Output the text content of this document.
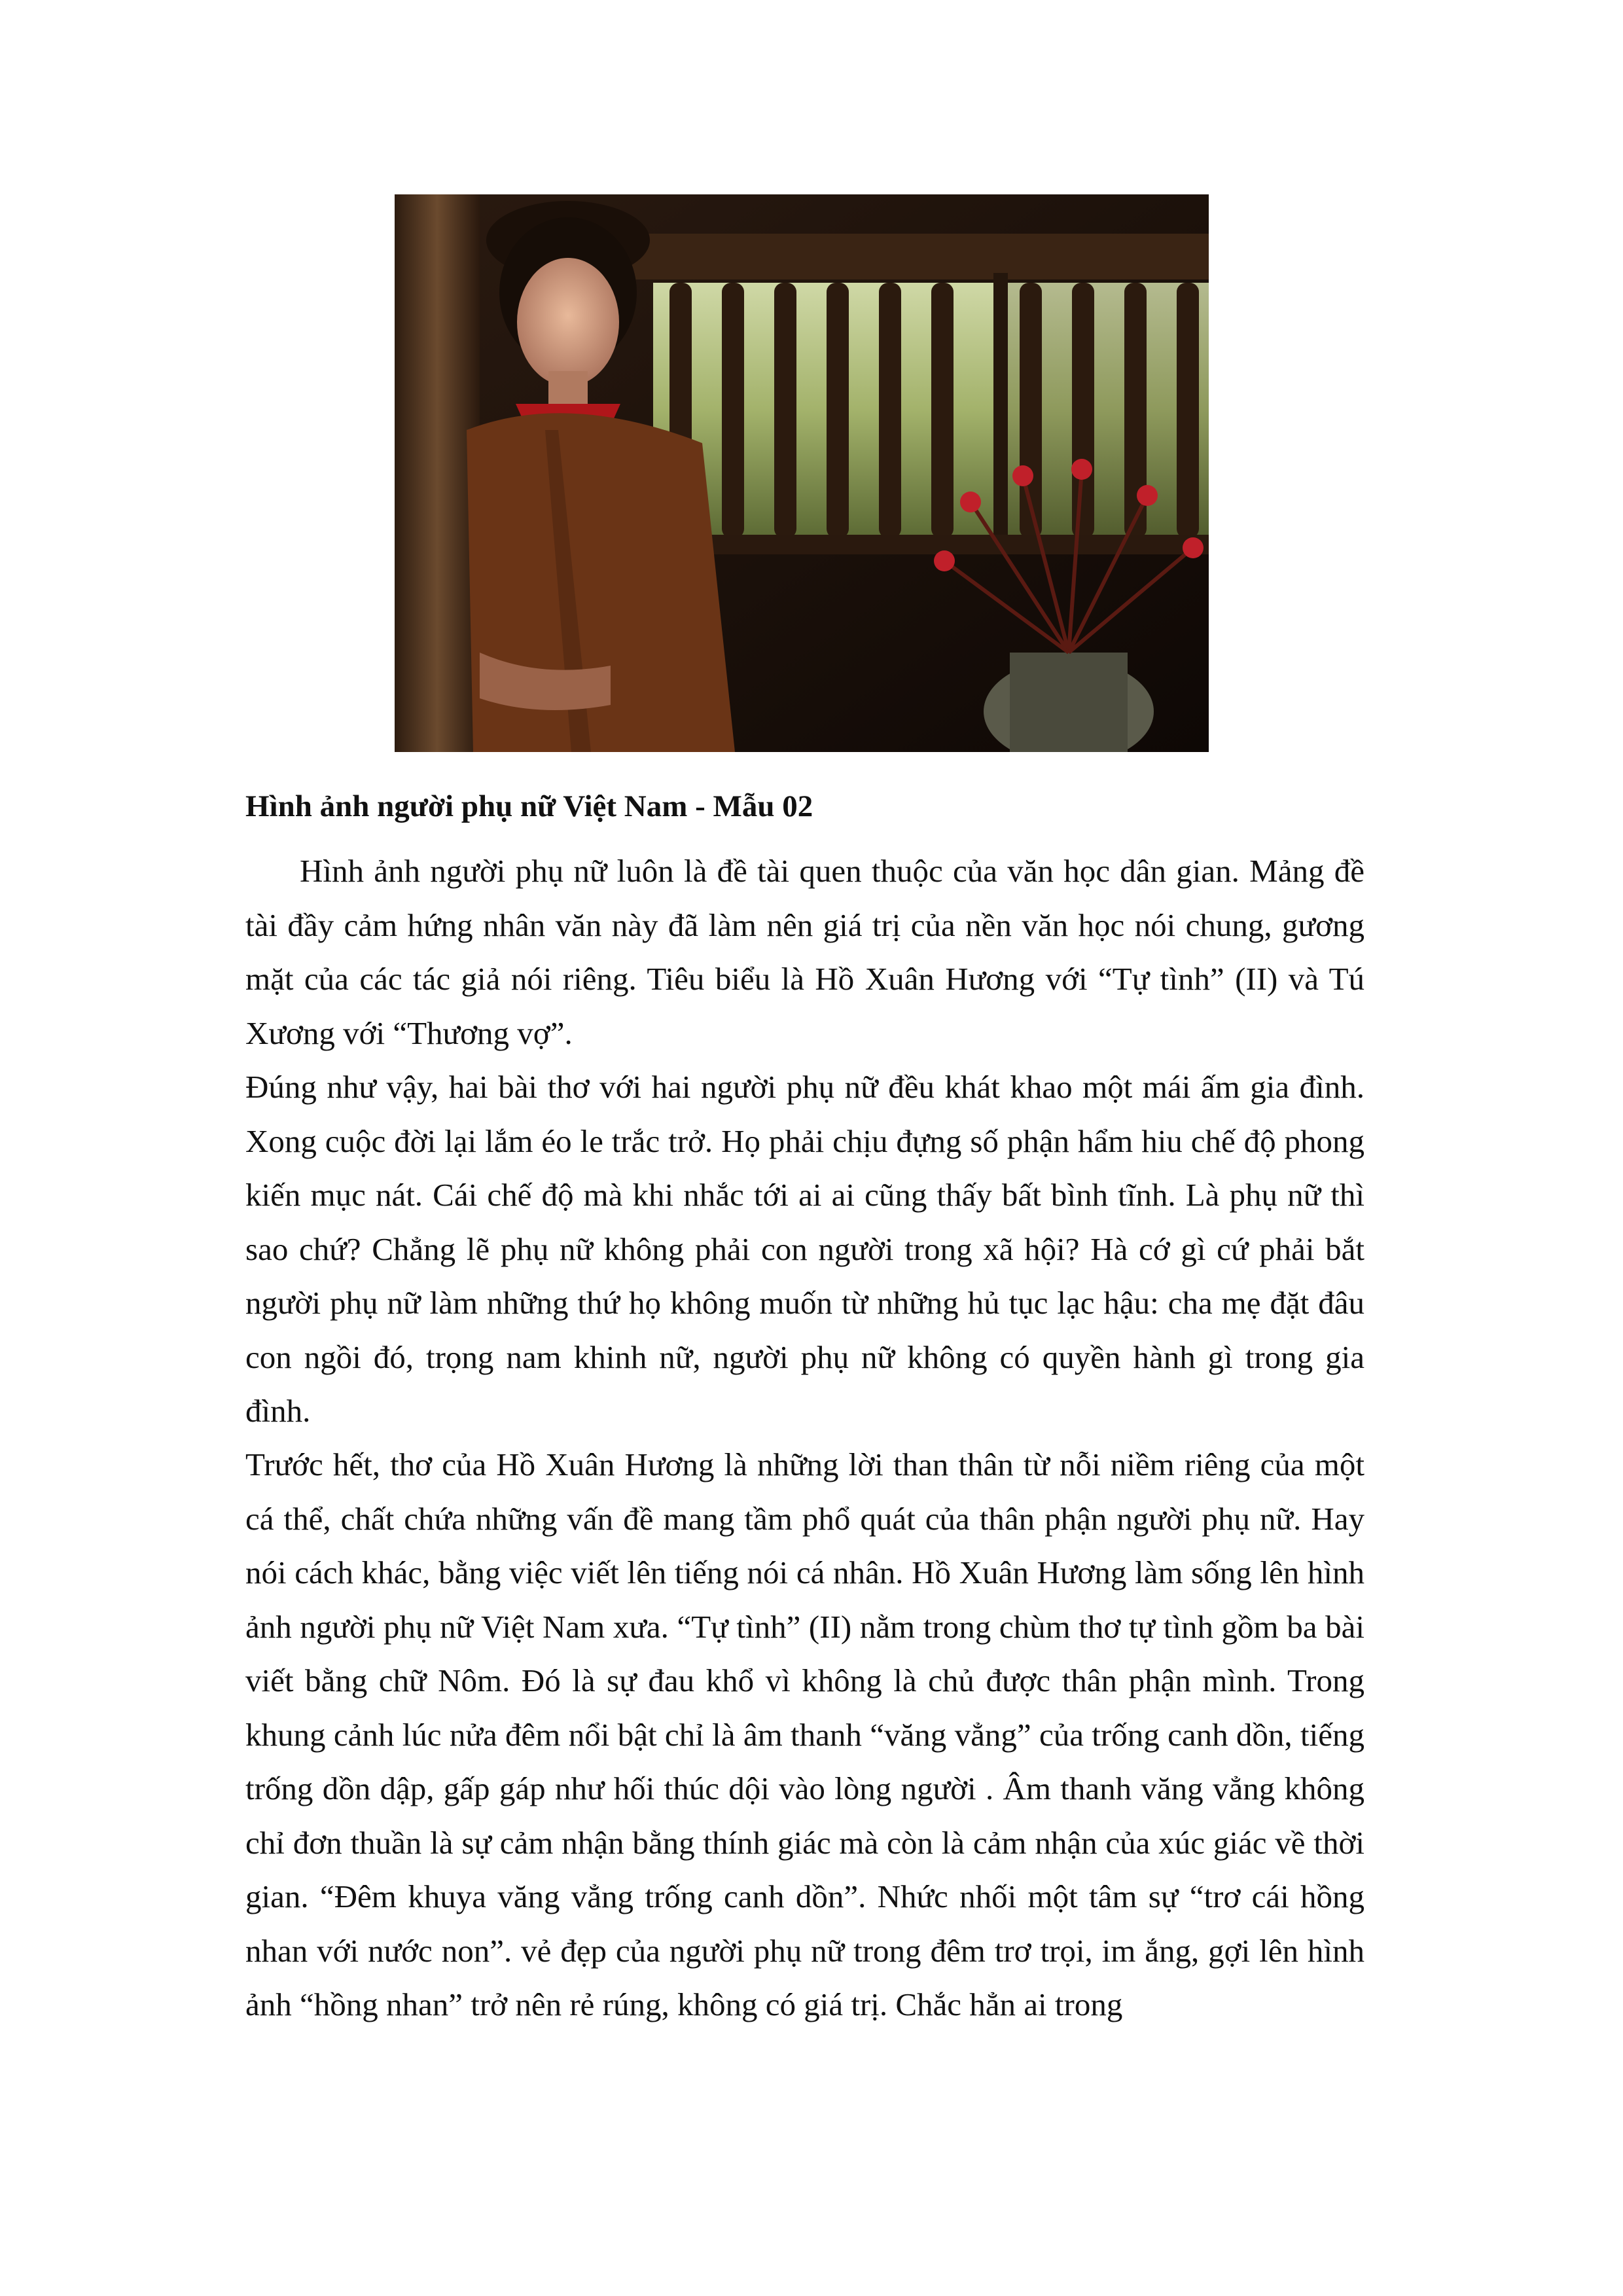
Hình ảnh người phụ nữ Việt Nam - Mẫu 02

Hình ảnh người phụ nữ luôn là đề tài quen thuộc của văn học dân gian. Mảng đề tài đầy cảm hứng nhân văn này đã làm nên giá trị của nền văn học nói chung, gương mặt của các tác giả nói riêng. Tiêu biểu là Hồ Xuân Hương với “Tự tình” (II) và Tú Xương với “Thương vợ”.

Đúng như vậy, hai bài thơ với hai người phụ nữ đều khát khao một mái ấm gia đình. Xong cuộc đời lại lắm éo le trắc trở. Họ phải chịu đựng số phận hẩm hiu chế độ phong kiến mục nát. Cái chế độ mà khi nhắc tới ai ai cũng thấy bất bình tĩnh. Là phụ nữ thì sao chứ? Chẳng lẽ phụ nữ không phải con người trong xã hội? Hà cớ gì cứ phải bắt người phụ nữ làm những thứ họ không muốn từ những hủ tục lạc hậu: cha mẹ đặt đâu con ngồi đó, trọng nam khinh nữ, người phụ nữ không có quyền hành gì trong gia đình.

Trước hết, thơ của Hồ Xuân Hương là những lời than thân từ nỗi niềm riêng của một cá thể, chất chứa những vấn đề mang tầm phổ quát của thân phận người phụ nữ. Hay nói cách khác, bằng việc viết lên tiếng nói cá nhân. Hồ Xuân Hương làm sống lên hình ảnh người phụ nữ Việt Nam xưa. “Tự tình” (II) nằm trong chùm thơ tự tình gồm ba bài viết bằng chữ Nôm. Đó là sự đau khổ vì không là chủ được thân phận mình. Trong khung cảnh lúc nửa đêm nổi bật chỉ là âm thanh “văng vẳng” của trống canh dồn, tiếng trống dồn dập, gấp gáp như hối thúc dội vào lòng người . Âm thanh văng vẳng không chỉ đơn thuần là sự cảm nhận bằng thính giác mà còn là cảm nhận của xúc giác về thời gian. “Đêm khuya văng vẳng trống canh dồn”. Nhức nhối một tâm sự “trơ cái hồng nhan với nước non”. vẻ đẹp của người phụ nữ trong đêm trơ trọi, im ắng, gợi lên hình ảnh “hồng nhan” trở nên rẻ rúng, không có giá trị. Chắc hẳn ai trong
